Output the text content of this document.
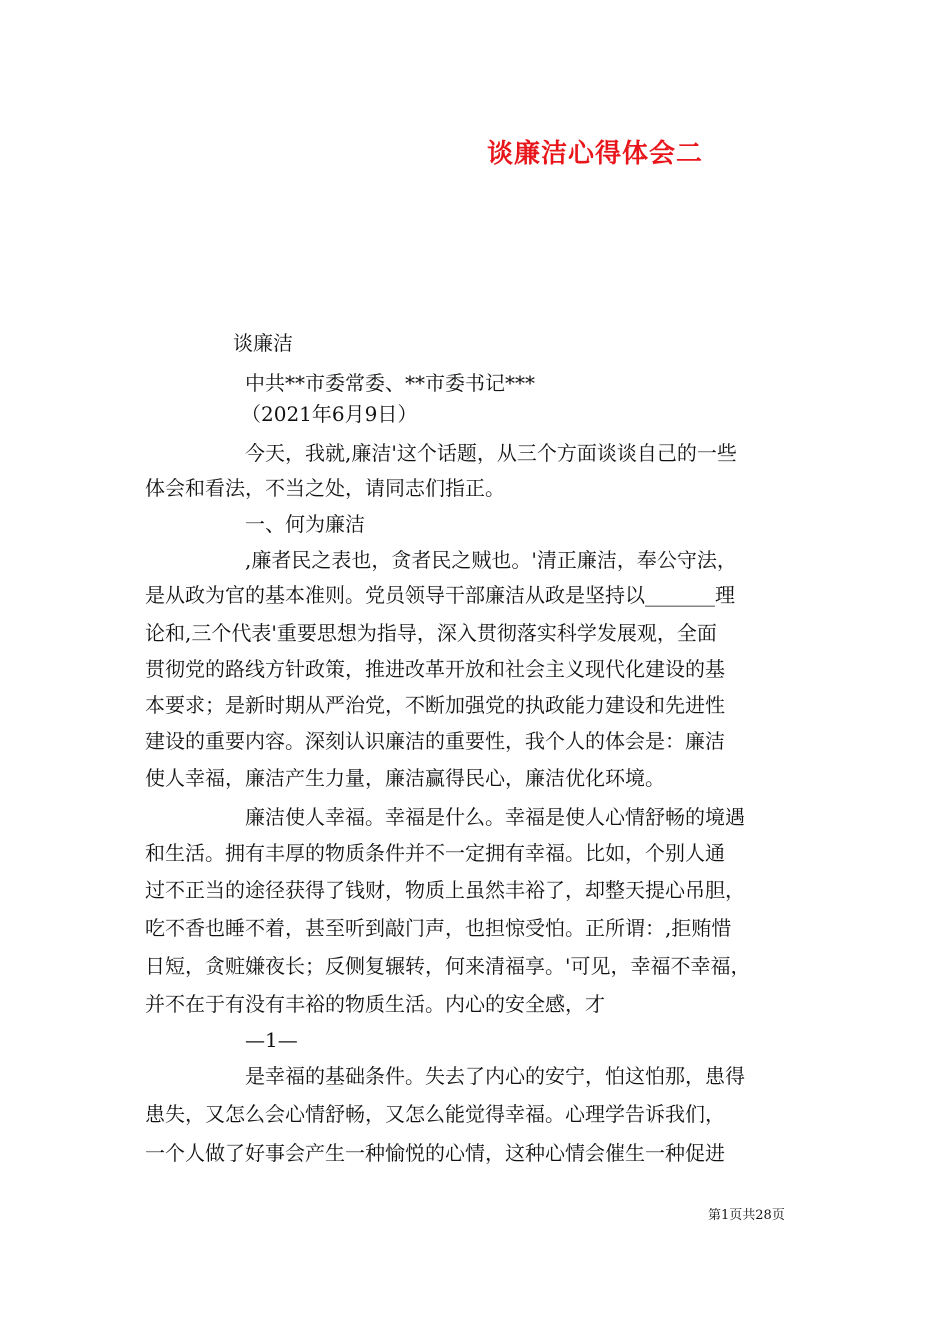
谈廉洁心得体会二

谈廉洁

中共**市委常委、**市委书记***

（2021年6月9日）

今天，我就,廉洁'这个话题，从三个方面谈谈自己的一些

体会和看法，不当之处，请同志们指正。

一、何为廉洁

,廉者民之表也，贪者民之贼也。'清正廉洁，奉公守法，

是从政为官的基本准则。党员领导干部廉洁从政是坚持以_______理

论和,三个代表'重要思想为指导，深入贯彻落实科学发展观，全面

贯彻党的路线方针政策，推进改革开放和社会主义现代化建设的基

本要求；是新时期从严治党，不断加强党的执政能力建设和先进性

建设的重要内容。深刻认识廉洁的重要性，我个人的体会是：廉洁

使人幸福，廉洁产生力量，廉洁赢得民心，廉洁优化环境。

廉洁使人幸福。幸福是什么。幸福是使人心情舒畅的境遇

和生活。拥有丰厚的物质条件并不一定拥有幸福。比如，个别人通

过不正当的途径获得了钱财，物质上虽然丰裕了，却整天提心吊胆，

吃不香也睡不着，甚至听到敲门声，也担惊受怕。正所谓：,拒贿惜

日短，贪赃嫌夜长；反侧复辗转，何来清福享。'可见，幸福不幸福，

并不在于有没有丰裕的物质生活。内心的安全感，才

—1—

是幸福的基础条件。失去了内心的安宁，怕这怕那，患得

患失，又怎么会心情舒畅，又怎么能觉得幸福。心理学告诉我们，

一个人做了好事会产生一种愉悦的心情，这种心情会催生一种促进

第1页共28页
